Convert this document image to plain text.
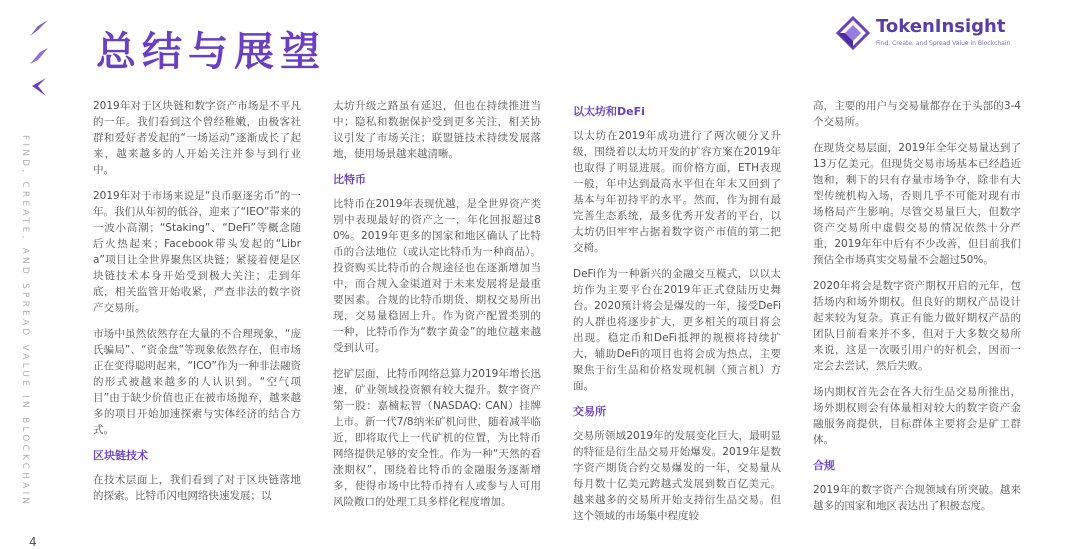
总结与展望
FIND, CREATE, AND SPREAD VALUE IN BLOCKCHAIN
4
TokenInsight
Find, Create, and Spread Value in Blockchain

2019年对于区块链和数字资产市场是不平凡的一年。我们看到这个曾经稚嫩，由极客社群和爱好者发起的“一场运动”逐渐成长了起来，越来越多的人开始关注并参与到行业中。

2019年对于市场来说是“良币驱逐劣币”的一年。我们从年初的低谷，迎来了“IEO”带来的一波小高潮；“Staking”、“DeFi”等概念随后火热起来；Facebook带头发起的“Libra”项目让全世界聚焦区块链；紧接着便是区块链技术本身开始受到极大关注；走到年底，相关监管开始收紧，严查非法的数字资产交易所。

市场中虽然依然存在大量的不合理现象，“庞氏骗局”、“资金盘”等现象依然存在，但市场正在变得聪明起来，“ICO”作为一种非法融资的形式被越来越多的人认识到。“空气项目”由于缺少价值也正在被市场抛弃，越来越多的项目开始加速探索与实体经济的结合方式。

区块链技术

在技术层面上，我们看到了对于区块链落地的探索。比特币闪电网络快速发展；以

太坊升级之路虽有延迟，但也在持续推进当中；隐私和数据保护受到更多关注，相关协议引发了市场关注；联盟链技术持续发展落地，使用场景越来越清晰。

比特币

比特币在2019年表现优越，是全世界资产类别中表现最好的资产之一，年化回报超过80%。2019年更多的国家和地区确认了比特币的合法地位（或认定比特币为一种商品）。投资购买比特币的合规途径也在逐渐增加当中，而合规入金渠道对于未来发展将是最重要因素。合规的比特币期货、期权交易所出现，交易量稳固上升。作为资产配置类别的一种，比特币作为“数字黄金”的地位越来越受到认可。

挖矿层面，比特币网络总算力2019年增长迅速，矿业领域投资额有较大提升。数字资产第一股：嘉楠耘智（NASDAQ: CAN）挂牌上市。新一代7/8纳米矿机问世，随着减半临近，即将取代上一代矿机的位置，为比特币网络提供足够的安全性。作为一种“天然的看涨期权”，围绕着比特币的金融服务逐渐增多，使得市场中比特币持有人或参与人可用风险敞口的处理工具多样化程度增加。

以太坊和DeFi

以太坊在2019年成功进行了两次硬分叉升级，围绕着以太坊开发的扩容方案在2019年也取得了明显进展。而价格方面，ETH表现一般，年中达到最高水平但在年末又回到了基本与年初持平的水平。然而，作为拥有最完善生态系统，最多优秀开发者的平台，以太坊仍旧牢牢占据着数字资产市值的第二把交椅。

DeFi作为一种新兴的金融交互模式，以以太坊作为主要平台在2019年正式登陆历史舞台。2020预计将会是爆发的一年，接受DeFi的人群也将逐步扩大，更多相关的项目将会出现。稳定币和DeFi抵押的规模将持续扩大，辅助DeFi的项目也将会成为热点，主要聚焦于衍生品和价格发现机制（预言机）方面。

交易所

交易所领域2019年的发展变化巨大，最明显的特征是衍生品交易开始爆发。2019年是数字资产期货合约交易爆发的一年，交易量从每月数十亿美元跨越式发展到数百亿美元。越来越多的交易所开始支持衍生品交易。但这个领域的市场集中程度较

高，主要的用户与交易量都存在于头部的3-4个交易所。

在现货交易层面，2019年全年交易量达到了13万亿美元。但现货交易市场基本已经趋近饱和，剩下的只有存量市场争夺，除非有大型传统机构入场，否则几乎不可能对现有市场格局产生影响。尽管交易量巨大，但数字资产交易所中虚假交易的情况依然十分严重，2019年年中后有不少改善，但目前我们预估全市场真实交易量不会超过50%。

2020年将会是数字资产期权开启的元年，包括场内和场外期权。但良好的期权产品设计起来较为复杂。真正有能力做好期权产品的团队目前看来并不多，但对于大多数交易所来说，这是一次吸引用户的好机会，因而一定会去尝试，然后失败。

场内期权首先会在各大衍生品交易所推出，场外期权则会有体量相对较大的数字资产金融服务商提供，目标群体主要将会是矿工群体。

合规

2019年的数字资产合规领域有所突破。越来越多的国家和地区表达出了积极态度。
